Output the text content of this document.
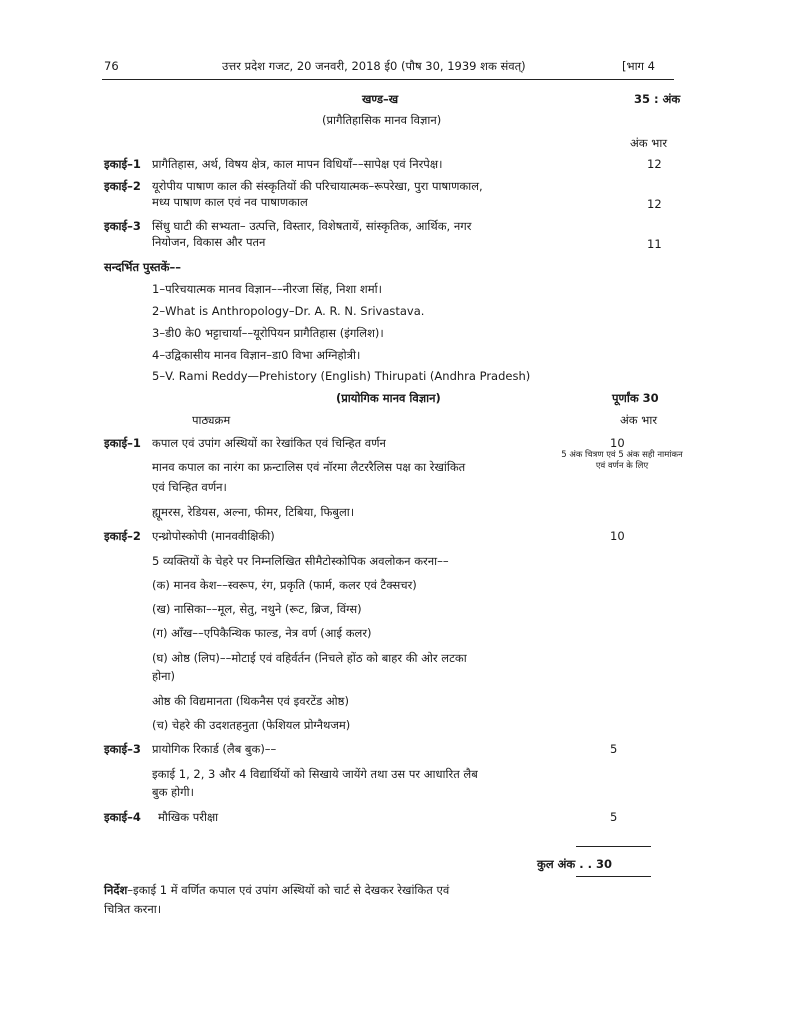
76	उत्तर प्रदेश गजट, 20 जनवरी, 2018 ई0 (पौष 30, 1939 शक संवत्)	[भाग 4
खण्ड–ख	35 : अंक
(प्रागैतिहासिक मानव विज्ञान)
अंक भार
इकाई–1 प्रागैतिहास, अर्थ, विषय क्षेत्र, काल मापन विधियाँ––सापेक्ष एवं निरपेक्ष।	12
इकाई–2 यूरोपीय पाषाण काल की संस्कृतियों की परिचायात्मक–रूपरेखा, पुरा पाषाणकाल,
मध्य पाषाण काल एवं नव पाषाणकाल	12
इकाई–3 सिंधु घाटी की सभ्यता– उत्पत्ति, विस्तार, विशेषतायें, सांस्कृतिक, आर्थिक, नगर
नियोजन, विकास और पतन	11
सन्दर्भित पुस्तकें––
1–परिचयात्मक मानव विज्ञान––नीरजा सिंह, निशा शर्मा।
2–What is Anthropology–Dr. A. R. N. Srivastava.
3–डी0 के0 भट्टाचार्या––यूरोपियन प्रागैतिहास (इंगलिश)।
4–उद्विकासीय मानव विज्ञान–डा0 विभा अग्निहोत्री।
5–V. Rami Reddy—Prehistory (English) Thirupati (Andhra Pradesh)
(प्रायोगिक मानव विज्ञान)	पूर्णांक 30
पाठ्यक्रम	अंक भार
इकाई–1 कपाल एवं उपांग अस्थियों का रेखांकित एवं चिन्हित वर्णन	10
5 अंक चित्रण एवं 5 अंक सही नामांकन एवं वर्णन के लिए
मानव कपाल का नारंग का फ्रन्टालिस एवं नॉरमा लैटररैलिस पक्ष का रेखांकित
एवं चिन्हित वर्णन।
ह्यूमरस, रेडियस, अल्ना, फीमर, टिबिया, फिबुला।
इकाई–2 एन्थ्रोपोस्कोपी (मानववीक्षिकी)	10
5 व्यक्तियों के चेहरे पर निम्नलिखित सीमैटोस्कोपिक अवलोकन करना––
(क) मानव केश––स्वरूप, रंग, प्रकृति (फार्म, कलर एवं टैक्सचर)
(ख) नासिका––मूल, सेतु, नथुने (रूट, ब्रिज, विंग्स)
(ग) आँख––एपिकैन्थिक फाल्ड, नेत्र वर्ण (आई कलर)
(घ) ओष्ठ (लिप)––मोटाई एवं वहिर्वर्तन (निचले होंठ को बाहर की ओर लटका
होना)
ओष्ठ की विद्यमानता (थिकनैस एवं इवरटेंड ओष्ठ)
(च) चेहरे की उदशतहनुता (फेशियल प्रोग्नैथजम)
इकाई–3 प्रायोगिक रिकार्ड (लैब बुक)––	5
इकाई 1, 2, 3 और 4 विद्यार्थियों को सिखाये जायेंगे तथा उस पर आधारित लैब
बुक होगी।
इकाई–4 मौखिक परीक्षा	5
कुल अंक . . 30
निर्देश–इकाई 1 में वर्णित कपाल एवं उपांग अस्थियों को चार्ट से देखकर रेखांकित एवं
चित्रित करना।
